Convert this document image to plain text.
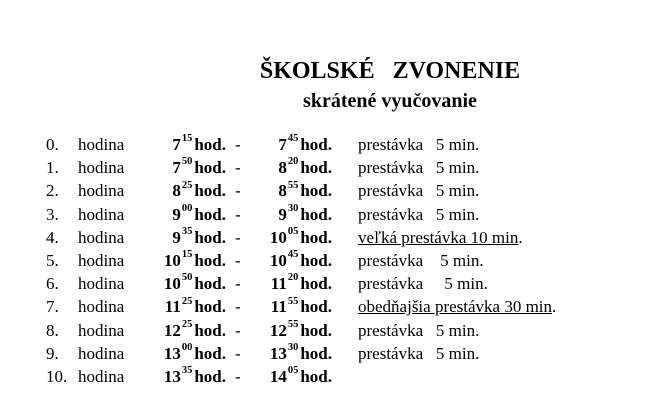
ŠKOLSKÉ   ZVONENIE
skrátené vyučovanie
0. hodina	$7^{15}$ hod. - $7^{45}$ hod. prestávka   5 min.
1. hodina	$7^{50}$ hod. - $8^{20}$ hod. prestávka   5 min.
2. hodina	$8^{25}$ hod. - $8^{55}$ hod. prestávka   5 min.
3. hodina	$9^{00}$ hod. - $9^{30}$ hod. prestávka   5 min.
4. hodina	$9^{35}$ hod. - $10^{05}$ hod. veľká prestávka 10 min.
5. hodina $10^{15}$ hod. - $10^{45}$ hod. prestávka    5 min.
6. hodina $10^{50}$ hod. - $11^{20}$ hod. prestávka     5 min.
7. hodina $11^{25}$ hod. - $11^{55}$ hod. obedňajšia prestávka 30 min.
8. hodina $12^{25}$ hod. - $12^{55}$ hod. prestávka   5 min.
9. hodina $13^{00}$ hod. - $13^{30}$ hod. prestávka   5 min.
10. hodina $13^{35}$ hod. - $14^{05}$ hod.
